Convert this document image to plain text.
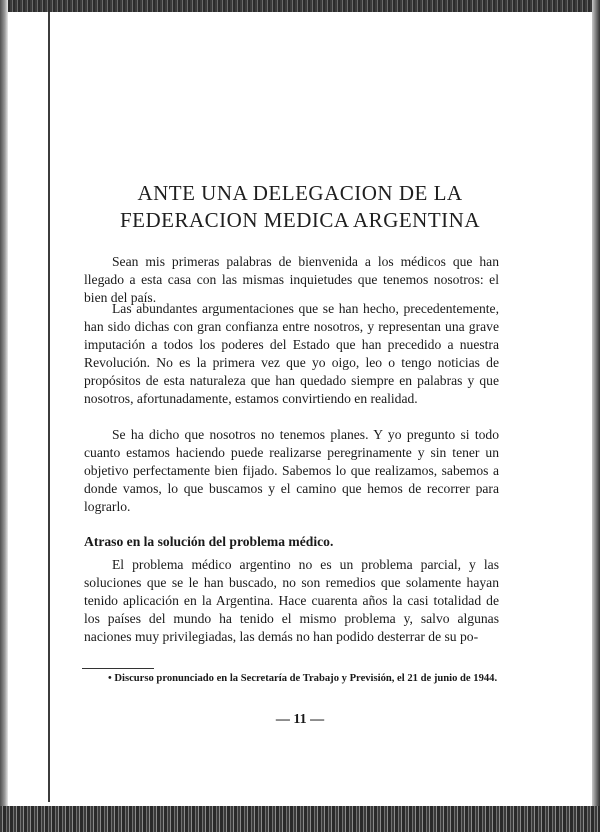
ANTE UNA DELEGACION DE LA
FEDERACION MEDICA ARGENTINA

Sean mis primeras palabras de bienvenida a los médicos que han llegado a esta casa con las mismas inquietudes que tenemos nosotros: el bien del país.

Las abundantes argumentaciones que se han hecho, precedentemente, han sido dichas con gran confianza entre nosotros, y representan una grave imputación a todos los poderes del Estado que han precedido a nuestra Revolución. No es la primera vez que yo oigo, leo o tengo noticias de propósitos de esta naturaleza que han quedado siempre en palabras y que nosotros, afortunadamente, estamos convirtiendo en realidad.

Se ha dicho que nosotros no tenemos planes. Y yo pregunto si todo cuanto estamos haciendo puede realizarse peregrinamente y sin tener un objetivo perfectamente bien fijado. Sabemos lo que realizamos, sabemos a donde vamos, lo que buscamos y el camino que hemos de recorrer para lograrlo.

Atraso en la solución del problema médico.

El problema médico argentino no es un problema parcial, y las soluciones que se le han buscado, no son remedios que solamente hayan tenido aplicación en la Argentina. Hace cuarenta años la casi totalidad de los países del mundo ha tenido el mismo problema y, salvo algunas naciones muy privilegiadas, las demás no han podido desterrar de su po-

• Discurso pronunciado en la Secretaría de Trabajo y Previsión, el 21 de junio de 1944.

— 11 —
